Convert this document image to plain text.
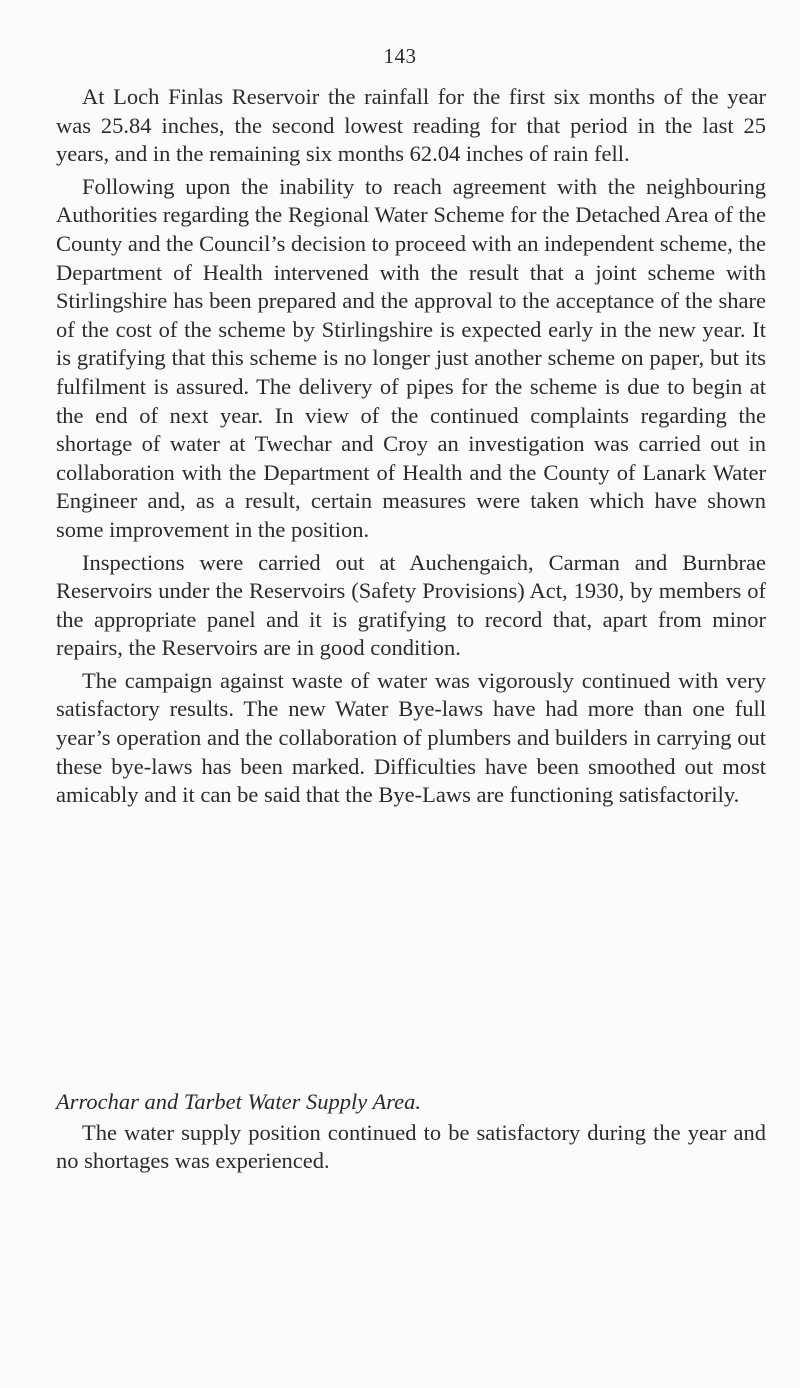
143

At Loch Finlas Reservoir the rainfall for the first six months of the year was 25.84 inches, the second lowest reading for that period in the last 25 years, and in the remaining six months 62.04 inches of rain fell.

Following upon the inability to reach agreement with the neighbouring Authorities regarding the Regional Water Scheme for the Detached Area of the County and the Council’s decision to proceed with an independent scheme, the Department of Health intervened with the result that a joint scheme with Stirlingshire has been prepared and the approval to the acceptance of the share of the cost of the scheme by Stirlingshire is expected early in the new year. It is gratifying that this scheme is no longer just another scheme on paper, but its fulfilment is assured. The delivery of pipes for the scheme is due to begin at the end of next year. In view of the continued complaints regarding the shortage of water at Twechar and Croy an investigation was carried out in collaboration with the Department of Health and the County of Lanark Water Engineer and, as a result, certain measures were taken which have shown some improvement in the position.

Inspections were carried out at Auchengaich, Carman and Burnbrae Reservoirs under the Reservoirs (Safety Provisions) Act, 1930, by members of the appropriate panel and it is gratifying to record that, apart from minor repairs, the Reservoirs are in good condition.

The campaign against waste of water was vigorously continued with very satisfactory results. The new Water Bye-laws have had more than one full year’s operation and the collaboration of plumbers and builders in carrying out these bye-laws has been marked. Difficulties have been smoothed out most amicably and it can be said that the Bye-Laws are functioning satisfactorily.

Arrochar and Tarbet Water Supply Area.

The water supply position continued to be satisfactory during the year and no shortages was experienced.
